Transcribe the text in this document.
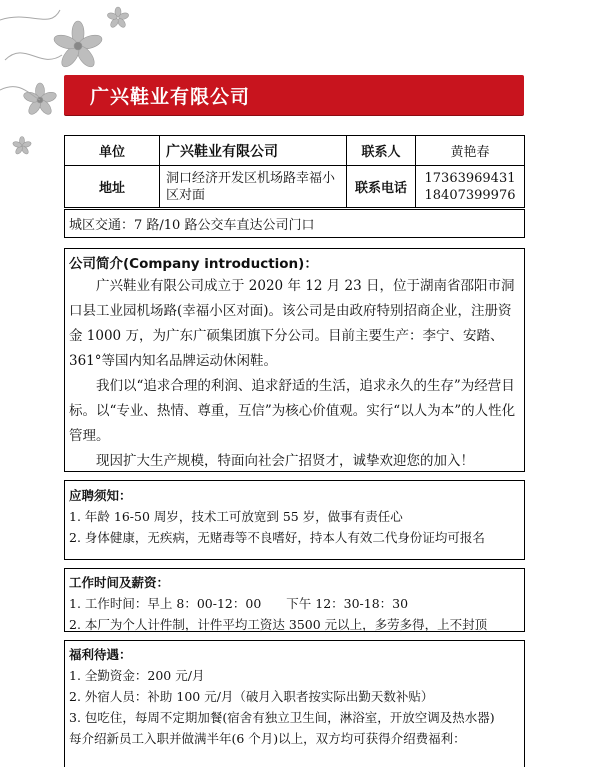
广兴鞋业有限公司
单位	广兴鞋业有限公司	联系人	黄艳春
地址	洞口经济开发区机场路幸福小区对面	联系电话	17363969431
18407399976
城区交通：7 路/10 路公交车直达公司门口
公司简介(Company introduction)：

广兴鞋业有限公司成立于 2020 年 12 月 23 日，位于湖南省邵阳市洞口县工业园机场路(幸福小区对面)。该公司是由政府特别招商企业，注册资金 1000 万，为广东广硕集团旗下分公司。目前主要生产：李宁、安踏、361°等国内知名品牌运动休闲鞋。

我们以“追求合理的利润、追求舒适的生活，追求永久的生存”为经营目标。以“专业、热情、尊重，互信”为核心价值观。实行“以人为本”的人性化管理。

现因扩大生产规模，特面向社会广招贤才，诚挚欢迎您的加入！

应聘须知：
1. 年龄 16-50 周岁，技术工可放宽到 55 岁，做事有责任心
2. 身体健康，无疾病，无赌毒等不良嗜好，持本人有效二代身份证均可报名
工作时间及薪资：
1. 工作时间：早上 8：00-12：00　　下午 12：30-18：30
2. 本厂为个人计件制，计件平均工资达 3500 元以上，多劳多得，上不封顶
福利待遇：
1. 全勤资金：200 元/月
2. 外宿人员：补助 100 元/月（破月入职者按实际出勤天数补贴）
3. 包吃住，每周不定期加餐(宿舍有独立卫生间，淋浴室，开放空调及热水器)
每介绍新员工入职并做满半年(6 个月)以上，双方均可获得介绍费福利：
